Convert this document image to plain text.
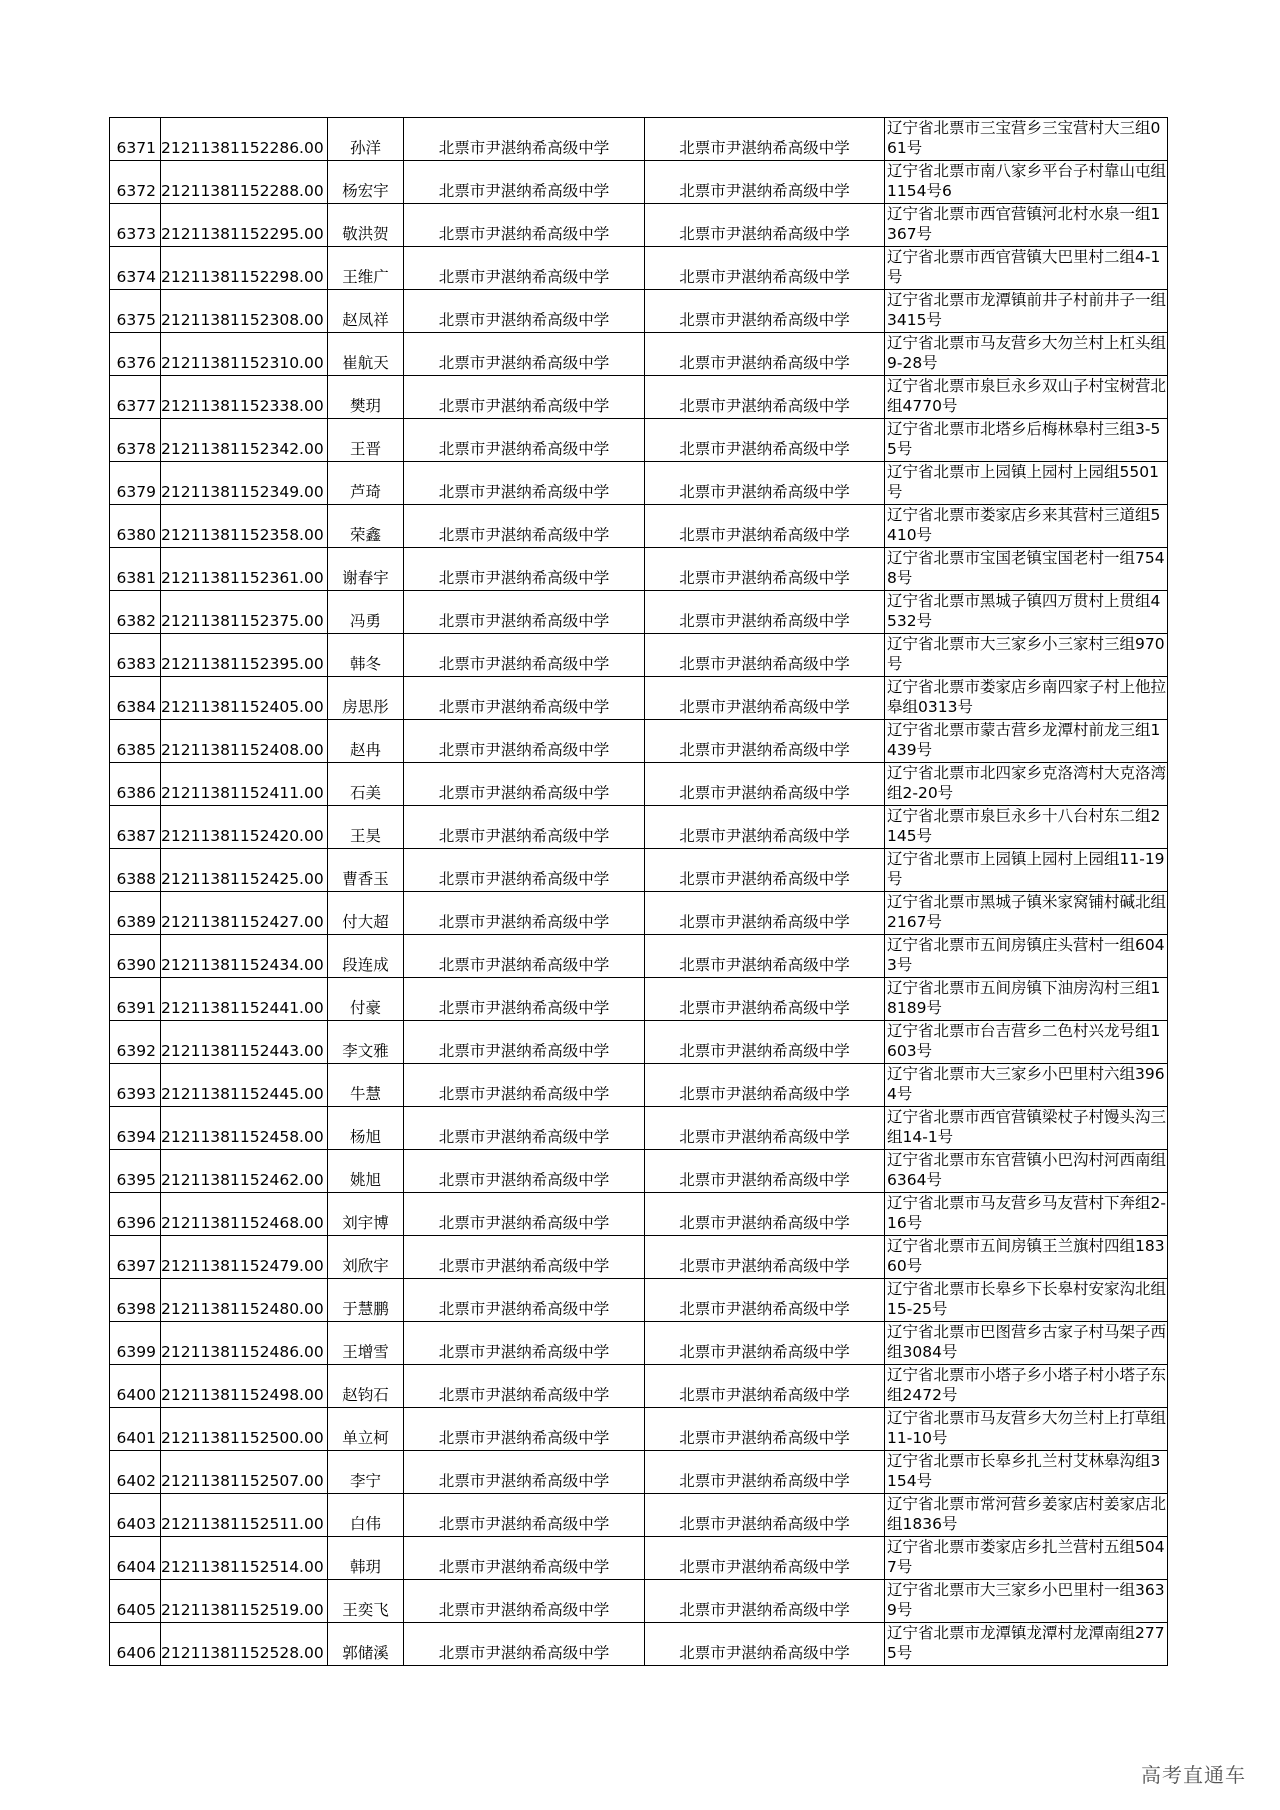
6371	21211381152286.00	孙洋	北票市尹湛纳希高级中学	北票市尹湛纳希高级中学	辽宁省北票市三宝营乡三宝营村大三组061号
6372	21211381152288.00	杨宏宇	北票市尹湛纳希高级中学	北票市尹湛纳希高级中学	辽宁省北票市南八家乡平台子村靠山屯组1154号6
6373	21211381152295.00	敬洪贺	北票市尹湛纳希高级中学	北票市尹湛纳希高级中学	辽宁省北票市西官营镇河北村水泉一组1367号
6374	21211381152298.00	王维广	北票市尹湛纳希高级中学	北票市尹湛纳希高级中学	辽宁省北票市西官营镇大巴里村二组4-1号
6375	21211381152308.00	赵凤祥	北票市尹湛纳希高级中学	北票市尹湛纳希高级中学	辽宁省北票市龙潭镇前井子村前井子一组3415号
6376	21211381152310.00	崔航天	北票市尹湛纳希高级中学	北票市尹湛纳希高级中学	辽宁省北票市马友营乡大勿兰村上杠头组9-28号
6377	21211381152338.00	樊玥	北票市尹湛纳希高级中学	北票市尹湛纳希高级中学	辽宁省北票市泉巨永乡双山子村宝树营北组4770号
6378	21211381152342.00	王晋	北票市尹湛纳希高级中学	北票市尹湛纳希高级中学	辽宁省北票市北塔乡后梅林皋村三组3-55号
6379	21211381152349.00	芦琦	北票市尹湛纳希高级中学	北票市尹湛纳希高级中学	辽宁省北票市上园镇上园村上园组5501号
6380	21211381152358.00	荣鑫	北票市尹湛纳希高级中学	北票市尹湛纳希高级中学	辽宁省北票市娄家店乡来其营村三道组5410号
6381	21211381152361.00	谢春宇	北票市尹湛纳希高级中学	北票市尹湛纳希高级中学	辽宁省北票市宝国老镇宝国老村一组7548号
6382	21211381152375.00	冯勇	北票市尹湛纳希高级中学	北票市尹湛纳希高级中学	辽宁省北票市黑城子镇四万贯村上贯组4532号
6383	21211381152395.00	韩冬	北票市尹湛纳希高级中学	北票市尹湛纳希高级中学	辽宁省北票市大三家乡小三家村三组970号
6384	21211381152405.00	房思彤	北票市尹湛纳希高级中学	北票市尹湛纳希高级中学	辽宁省北票市娄家店乡南四家子村上他拉皋组0313号
6385	21211381152408.00	赵冉	北票市尹湛纳希高级中学	北票市尹湛纳希高级中学	辽宁省北票市蒙古营乡龙潭村前龙三组1439号
6386	21211381152411.00	石美	北票市尹湛纳希高级中学	北票市尹湛纳希高级中学	辽宁省北票市北四家乡克洛湾村大克洛湾组2-20号
6387	21211381152420.00	王昊	北票市尹湛纳希高级中学	北票市尹湛纳希高级中学	辽宁省北票市泉巨永乡十八台村东二组2145号
6388	21211381152425.00	曹香玉	北票市尹湛纳希高级中学	北票市尹湛纳希高级中学	辽宁省北票市上园镇上园村上园组11-19号
6389	21211381152427.00	付大超	北票市尹湛纳希高级中学	北票市尹湛纳希高级中学	辽宁省北票市黑城子镇米家窝铺村碱北组2167号
6390	21211381152434.00	段连成	北票市尹湛纳希高级中学	北票市尹湛纳希高级中学	辽宁省北票市五间房镇庄头营村一组6043号
6391	21211381152441.00	付豪	北票市尹湛纳希高级中学	北票市尹湛纳希高级中学	辽宁省北票市五间房镇下油房沟村三组18189号
6392	21211381152443.00	李文雅	北票市尹湛纳希高级中学	北票市尹湛纳希高级中学	辽宁省北票市台吉营乡二色村兴龙号组1603号
6393	21211381152445.00	牛慧	北票市尹湛纳希高级中学	北票市尹湛纳希高级中学	辽宁省北票市大三家乡小巴里村六组3964号
6394	21211381152458.00	杨旭	北票市尹湛纳希高级中学	北票市尹湛纳希高级中学	辽宁省北票市西官营镇梁杖子村馒头沟三组14-1号
6395	21211381152462.00	姚旭	北票市尹湛纳希高级中学	北票市尹湛纳希高级中学	辽宁省北票市东官营镇小巴沟村河西南组6364号
6396	21211381152468.00	刘宇博	北票市尹湛纳希高级中学	北票市尹湛纳希高级中学	辽宁省北票市马友营乡马友营村下奔组2-16号
6397	21211381152479.00	刘欣宇	北票市尹湛纳希高级中学	北票市尹湛纳希高级中学	辽宁省北票市五间房镇王兰旗村四组18360号
6398	21211381152480.00	于慧鹏	北票市尹湛纳希高级中学	北票市尹湛纳希高级中学	辽宁省北票市长皋乡下长皋村安家沟北组15-25号
6399	21211381152486.00	王增雪	北票市尹湛纳希高级中学	北票市尹湛纳希高级中学	辽宁省北票市巴图营乡古家子村马架子西组3084号
6400	21211381152498.00	赵钧石	北票市尹湛纳希高级中学	北票市尹湛纳希高级中学	辽宁省北票市小塔子乡小塔子村小塔子东组2472号
6401	21211381152500.00	单立柯	北票市尹湛纳希高级中学	北票市尹湛纳希高级中学	辽宁省北票市马友营乡大勿兰村上打草组11-10号
6402	21211381152507.00	李宁	北票市尹湛纳希高级中学	北票市尹湛纳希高级中学	辽宁省北票市长皋乡扎兰村艾林皋沟组3154号
6403	21211381152511.00	白伟	北票市尹湛纳希高级中学	北票市尹湛纳希高级中学	辽宁省北票市常河营乡姜家店村姜家店北组1836号
6404	21211381152514.00	韩玥	北票市尹湛纳希高级中学	北票市尹湛纳希高级中学	辽宁省北票市娄家店乡扎兰营村五组5047号
6405	21211381152519.00	王奕飞	北票市尹湛纳希高级中学	北票市尹湛纳希高级中学	辽宁省北票市大三家乡小巴里村一组3639号
6406	21211381152528.00	郭储溪	北票市尹湛纳希高级中学	北票市尹湛纳希高级中学	辽宁省北票市龙潭镇龙潭村龙潭南组2775号
高考直通车
